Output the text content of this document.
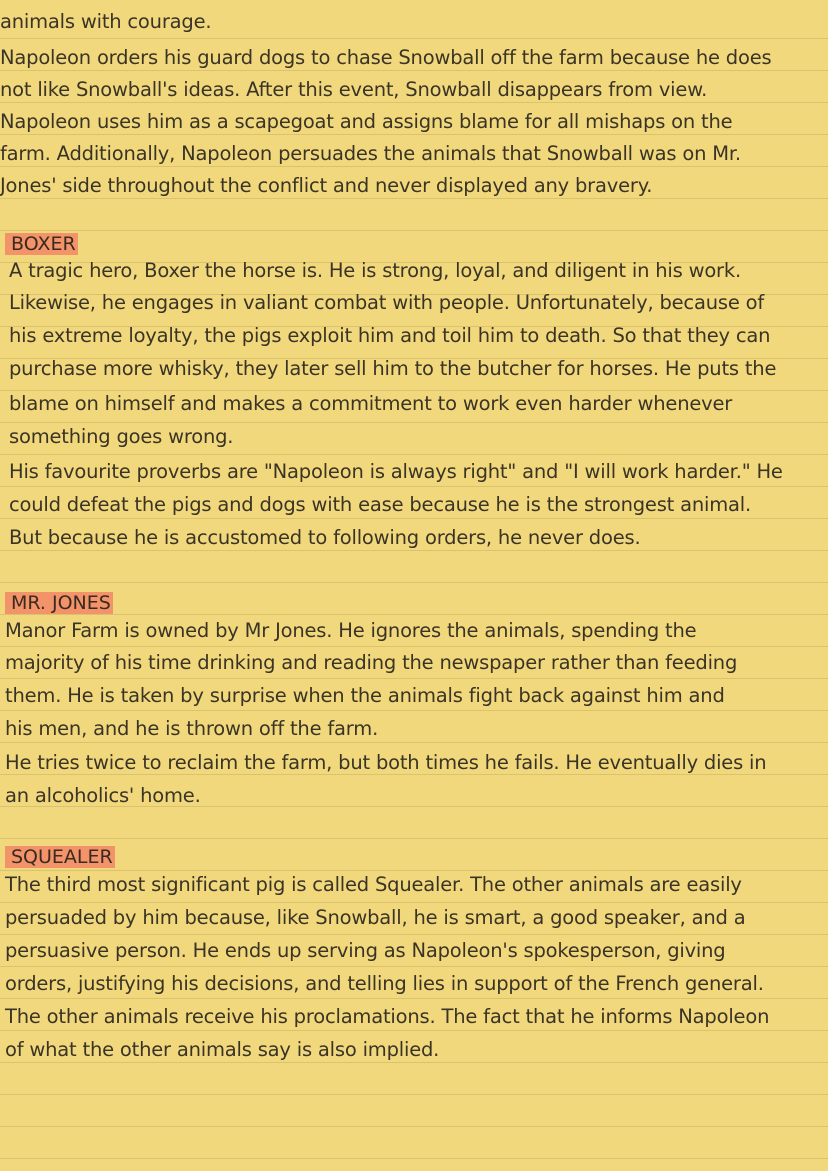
animals with courage.
Napoleon orders his guard dogs to chase Snowball off the farm because he does
not like Snowball's ideas. After this event, Snowball disappears from view.
Napoleon uses him as a scapegoat and assigns blame for all mishaps on the
farm. Additionally, Napoleon persuades the animals that Snowball was on Mr.
Jones' side throughout the conflict and never displayed any bravery.
BOXER
A tragic hero, Boxer the horse is. He is strong, loyal, and diligent in his work.
Likewise, he engages in valiant combat with people. Unfortunately, because of
his extreme loyalty, the pigs exploit him and toil him to death. So that they can
purchase more whisky, they later sell him to the butcher for horses. He puts the
blame on himself and makes a commitment to work even harder whenever
something goes wrong.
His favourite proverbs are "Napoleon is always right" and "I will work harder." He
could defeat the pigs and dogs with ease because he is the strongest animal.
But because he is accustomed to following orders, he never does.
MR. JONES
Manor Farm is owned by Mr Jones. He ignores the animals, spending the
majority of his time drinking and reading the newspaper rather than feeding
them. He is taken by surprise when the animals fight back against him and
his men, and he is thrown off the farm.
He tries twice to reclaim the farm, but both times he fails. He eventually dies in
an alcoholics' home.
SQUEALER
The third most significant pig is called Squealer. The other animals are easily
persuaded by him because, like Snowball, he is smart, a good speaker, and a
persuasive person. He ends up serving as Napoleon's spokesperson, giving
orders, justifying his decisions, and telling lies in support of the French general.
The other animals receive his proclamations. The fact that he informs Napoleon
of what the other animals say is also implied.
